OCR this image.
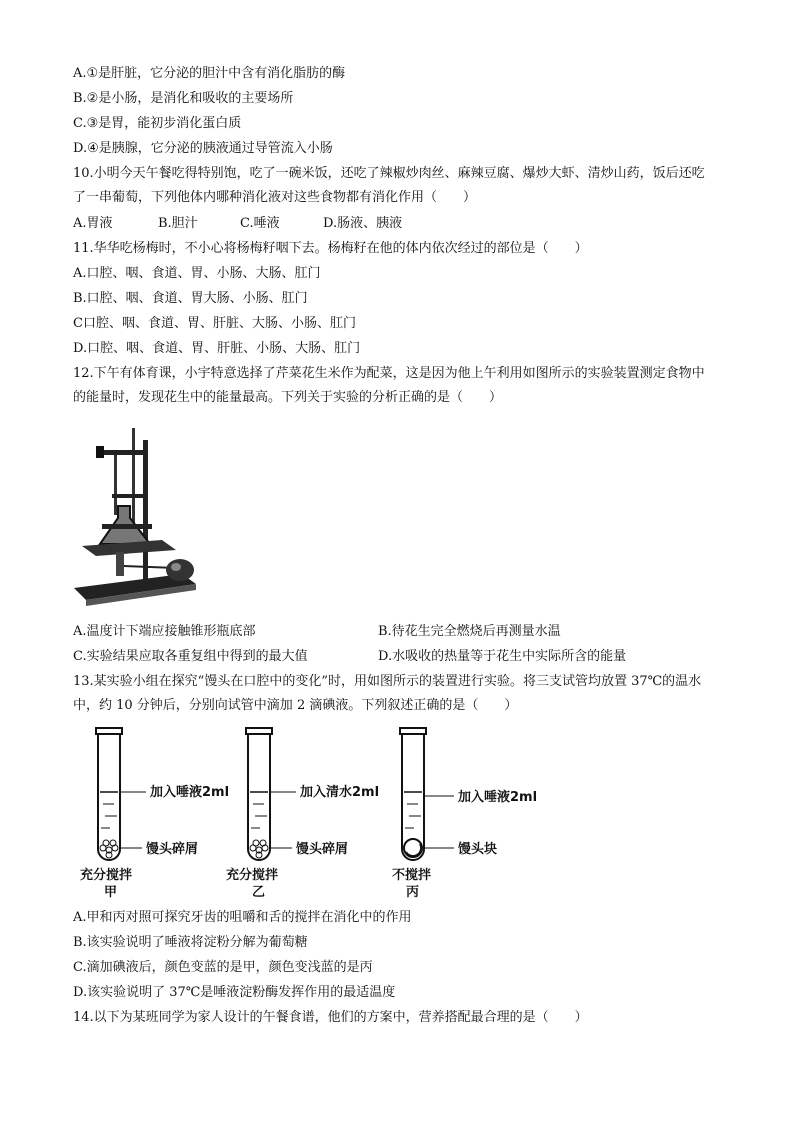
A.①是肝脏，它分泌的胆汁中含有消化脂肪的酶
B.②是小肠，是消化和吸收的主要场所
C.③是胃，能初步消化蛋白质
D.④是胰腺，它分泌的胰液通过导管流入小肠
10.小明今天午餐吃得特别饱，吃了一碗米饭，还吃了辣椒炒肉丝、麻辣豆腐、爆炒大虾、清炒山药，饭后还吃了一串葡萄，下列他体内哪种消化液对这些食物都有消化作用（　　）
A.胃液	B.胆汁	C.唾液	D.肠液、胰液
11.华华吃杨梅时，不小心将杨梅籽咽下去。杨梅籽在他的体内依次经过的部位是（　　）
A.口腔、咽、食道、胃、小肠、大肠、肛门
B.口腔、咽、食道、胃大肠、小肠、肛门
C口腔、咽、食道、胃、肝脏、大肠、小肠、肛门
D.口腔、咽、食道、胃、肝脏、小肠、大肠、肛门
12.下午有体育课，小宇特意选择了芹菜花生米作为配菜，这是因为他上午利用如图所示的实验装置测定食物中的能量时，发现花生中的能量最高。下列关于实验的分析正确的是（　　）
A.温度计下端应接触锥形瓶底部	B.待花生完全燃烧后再测量水温
C.实验结果应取各重复组中得到的最大值	D.水吸收的热量等于花生中实际所含的能量
13.某实验小组在探究“馒头在口腔中的变化”时，用如图所示的装置进行实验。将三支试管均放置 37℃的温水中，约 10 分钟后，分别向试管中滴加 2 滴碘液。下列叙述正确的是（　　）
加入唾液2ml
馒头碎屑
充分搅拌
甲
加入清水2ml
馒头碎屑
充分搅拌
乙
加入唾液2ml
馒头块
不搅拌
丙
A.甲和丙对照可探究牙齿的咀嚼和舌的搅拌在消化中的作用
B.该实验说明了唾液将淀粉分解为葡萄糖
C.滴加碘液后，颜色变蓝的是甲，颜色变浅蓝的是丙
D.该实验说明了 37℃是唾液淀粉酶发挥作用的最适温度
14.以下为某班同学为家人设计的午餐食谱，他们的方案中，营养搭配最合理的是（　　）
